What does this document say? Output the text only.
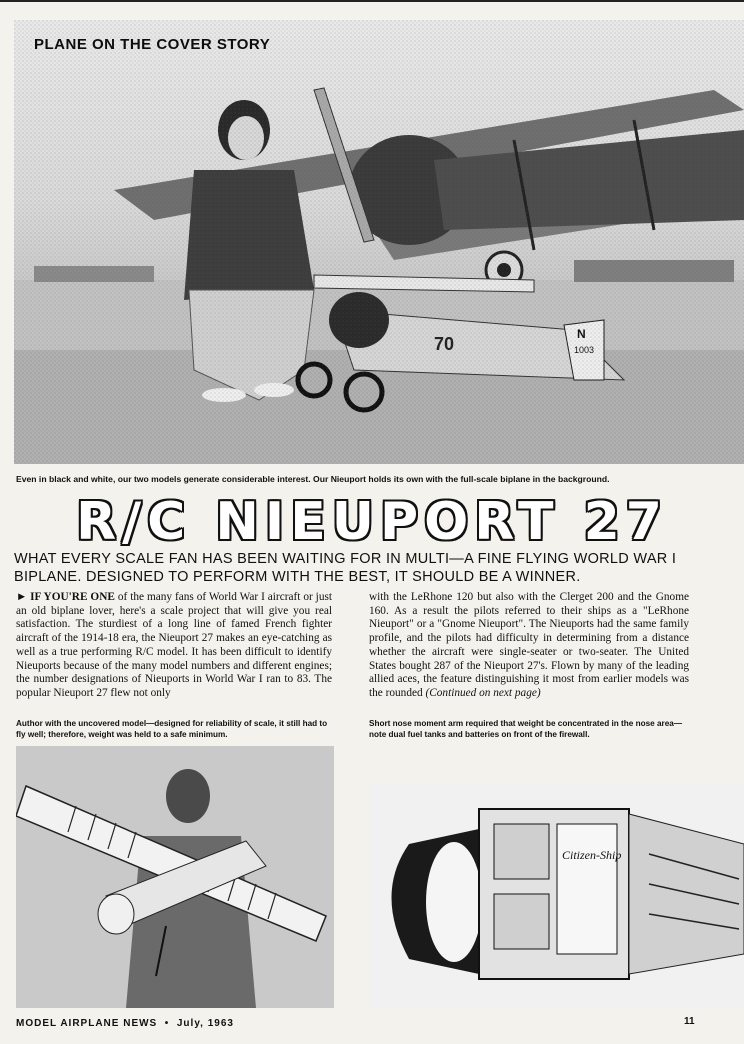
PLANE ON THE COVER STORY
Even in black and white, our two models generate considerable interest. Our Nieuport holds its own with the full-scale biplane in the background.
R/C NIEUPORT 27
WHAT EVERY SCALE FAN HAS BEEN WAITING FOR IN MULTI—A FINE FLYING WORLD WAR I BIPLANE. DESIGNED TO PERFORM WITH THE BEST, IT SHOULD BE A WINNER.
► IF YOU'RE ONE of the many fans of World War I aircraft or just an old biplane lover, here's a scale project that will give you real satisfaction. The sturdiest of a long line of famed French fighter aircraft of the 1914-18 era, the Nieuport 27 makes an eye-catching as well as a true performing R/C model. It has been difficult to identify Nieuports because of the many model numbers and different engines; the number designations of Nieuports in World War I ran to 83. The popular Nieuport 27 flew not only
with the LeRhone 120 but also with the Clerget 200 and the Gnome 160. As a result the pilots referred to their ships as a "LeRhone Nieuport" or a "Gnome Nieuport". The Nieuports had the same family profile, and the pilots had difficulty in determining from a distance whether the aircraft were single-seater or two-seater. The United States bought 287 of the Nieuport 27's. Flown by many of the leading allied aces, the feature distinguishing it most from earlier models was the rounded (Continued on next page)
Author with the uncovered model—designed for reliability of scale, it still had to fly well; therefore, weight was held to a safe minimum.
Short nose moment arm required that weight be concentrated in the nose area—note dual fuel tanks and batteries on front of the firewall.
Citizen-Ship
MODEL AIRPLANE NEWS • July, 1963	11
